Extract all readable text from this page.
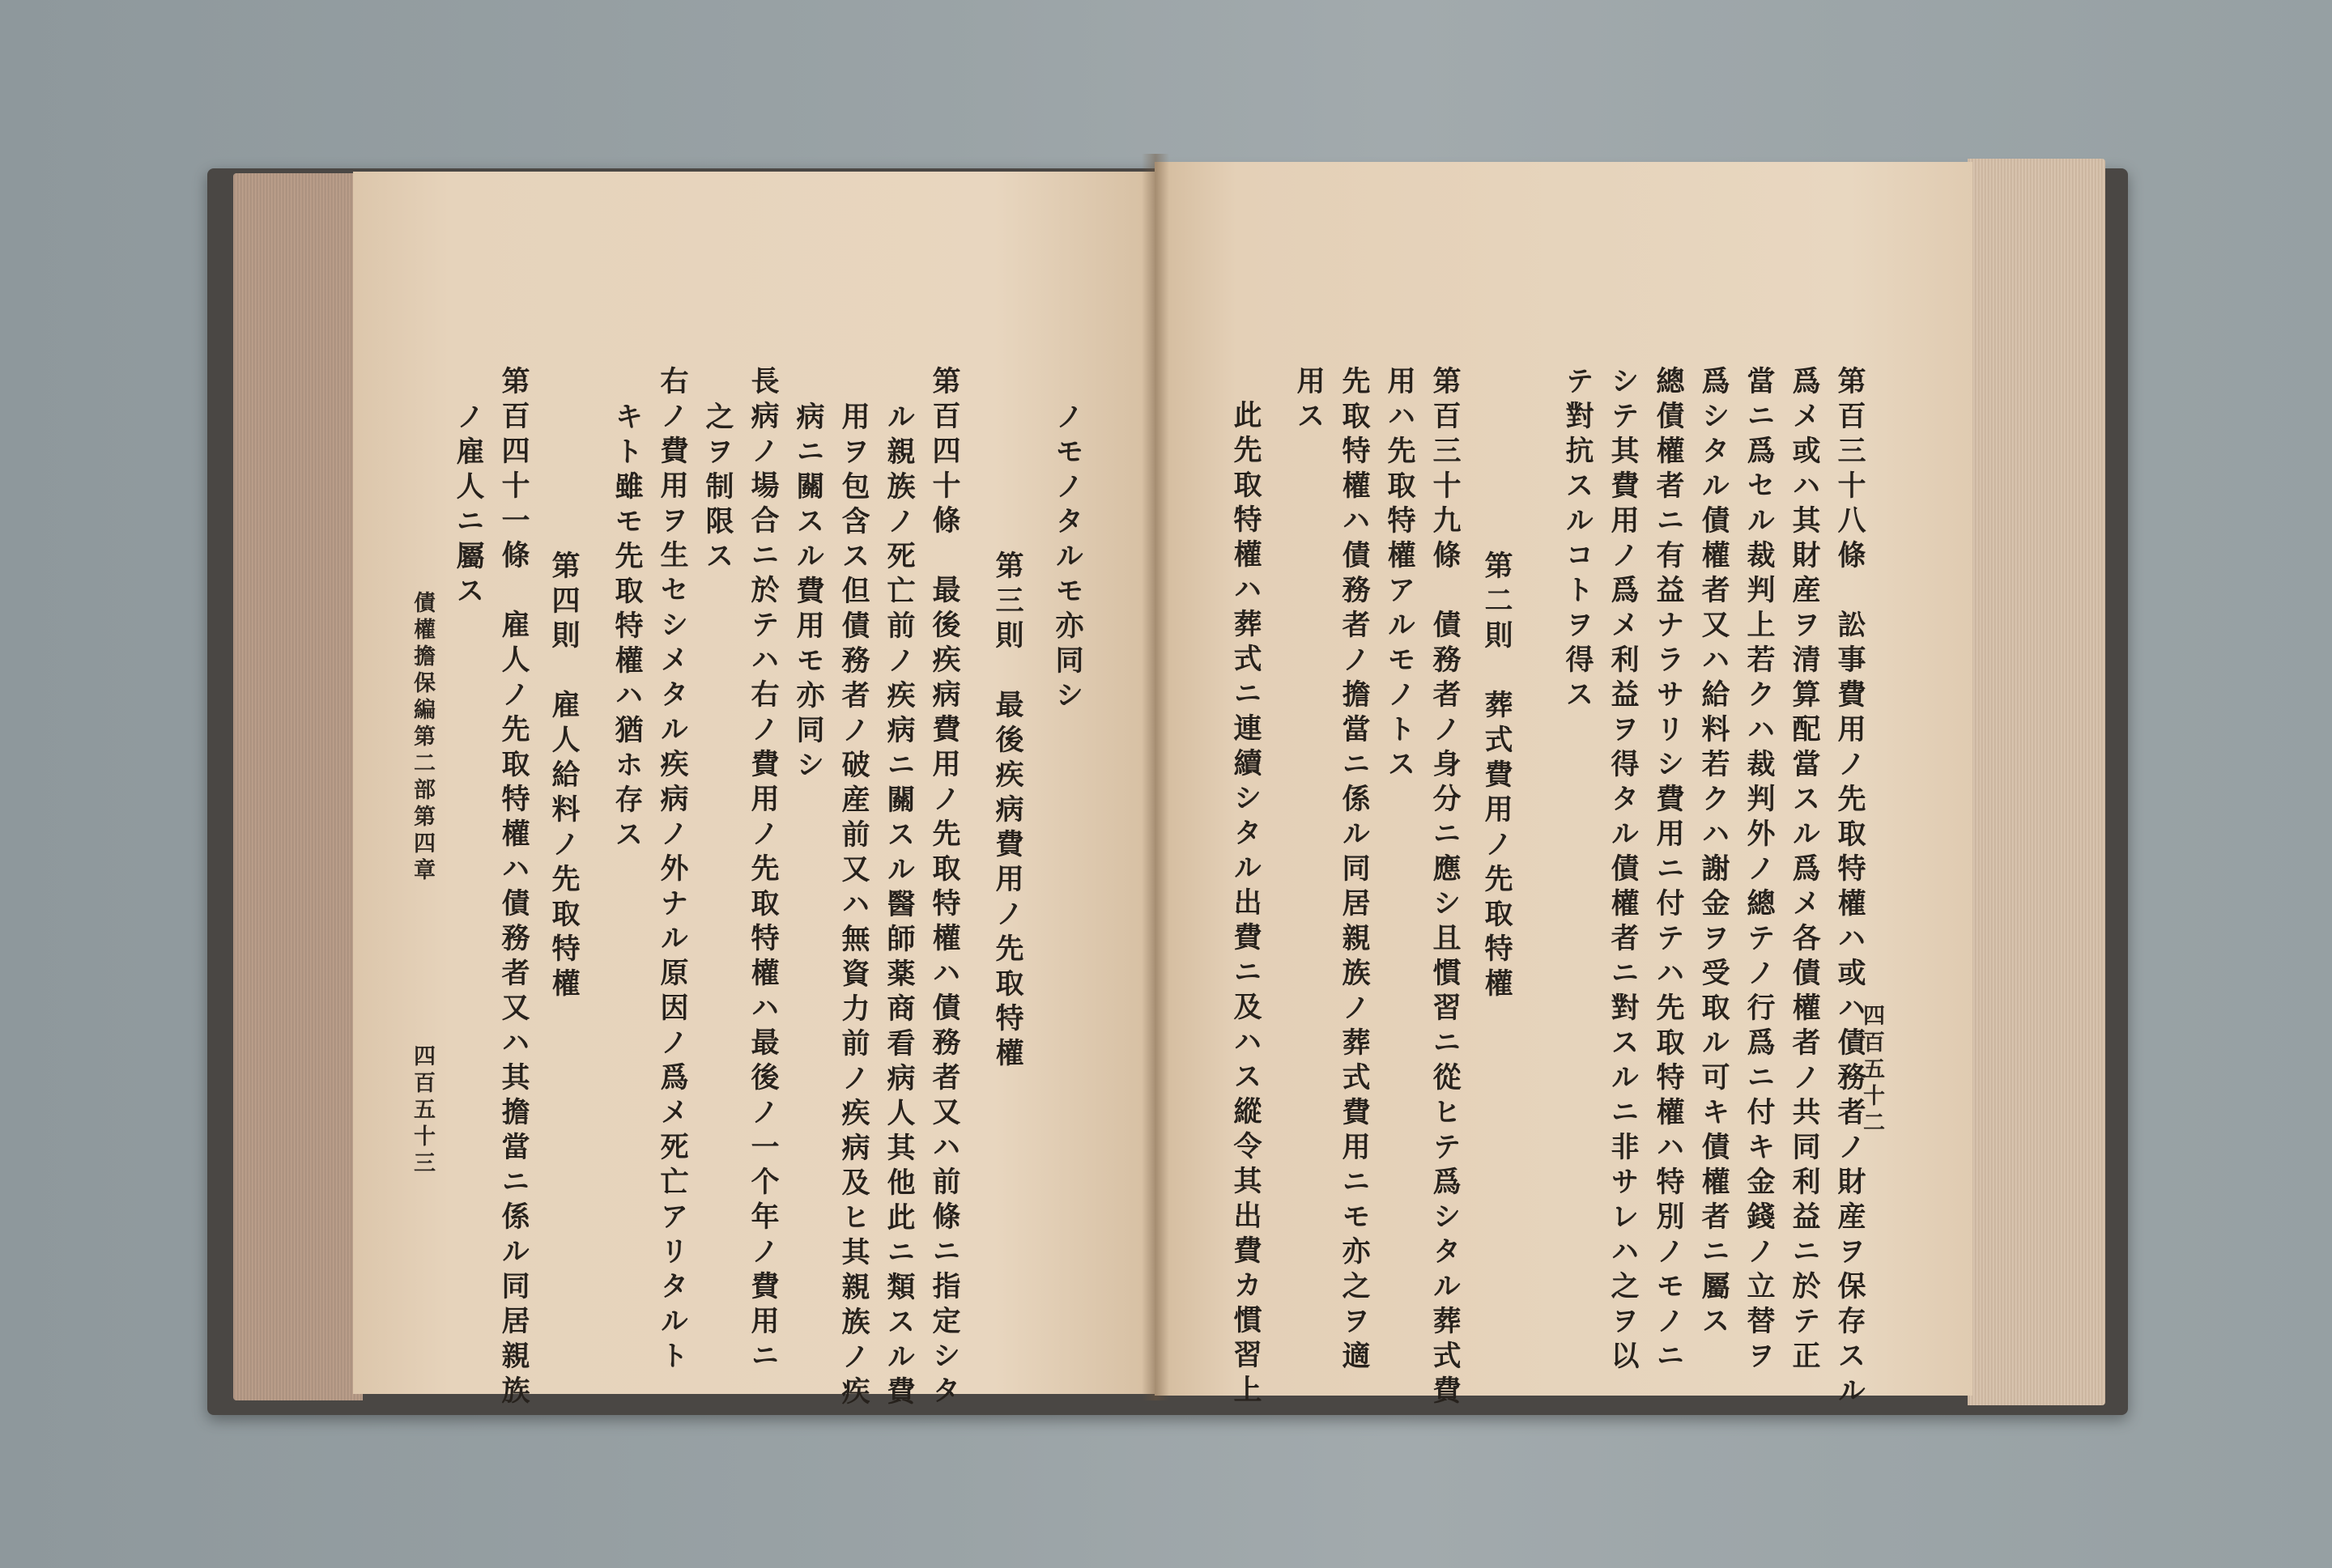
第百三十八條　訟事費用ノ先取特權ハ或ハ債務者ノ財産ヲ保存スル
爲メ或ハ其財産ヲ清算配當スル爲メ各債權者ノ共同利益ニ於テ正
當ニ爲セル裁判上若クハ裁判外ノ總テノ行爲ニ付キ金錢ノ立替ヲ
爲シタル債權者又ハ給料若クハ謝金ヲ受取ル可キ債權者ニ屬ス
總債權者ニ有益ナラサリシ費用ニ付テハ先取特權ハ特別ノモノニ
シテ其費用ノ爲メ利益ヲ得タル債權者ニ對スルニ非サレハ之ヲ以
テ對抗スルコトヲ得ス
第二則　葬式費用ノ先取特權
第百三十九條　債務者ノ身分ニ應シ且慣習ニ從ヒテ爲シタル葬式費
用ハ先取特權アルモノトス
先取特權ハ債務者ノ擔當ニ係ル同居親族ノ葬式費用ニモ亦之ヲ適
用ス
此先取特權ハ葬式ニ連續シタル出費ニ及ハス縱令其出費カ慣習上	四百五十二
ノモノタルモ亦同シ
第三則　最後疾病費用ノ先取特權
第百四十條　最後疾病費用ノ先取特權ハ債務者又ハ前條ニ指定シタ
ル親族ノ死亡前ノ疾病ニ關スル醫師薬商看病人其他此ニ類スル費
用ヲ包含ス但債務者ノ破産前又ハ無資力前ノ疾病及ヒ其親族ノ疾
病ニ關スル費用モ亦同シ
長病ノ場合ニ於テハ右ノ費用ノ先取特權ハ最後ノ一个年ノ費用ニ
之ヲ制限ス
右ノ費用ヲ生セシメタル疾病ノ外ナル原因ノ爲メ死亡アリタルト
キト雖モ先取特權ハ猶ホ存ス
第四則　雇人給料ノ先取特權
第百四十一條　雇人ノ先取特權ハ債務者又ハ其擔當ニ係ル同居親族
ノ雇人ニ屬ス
債權擔保編第二部第四章
四百五十三
